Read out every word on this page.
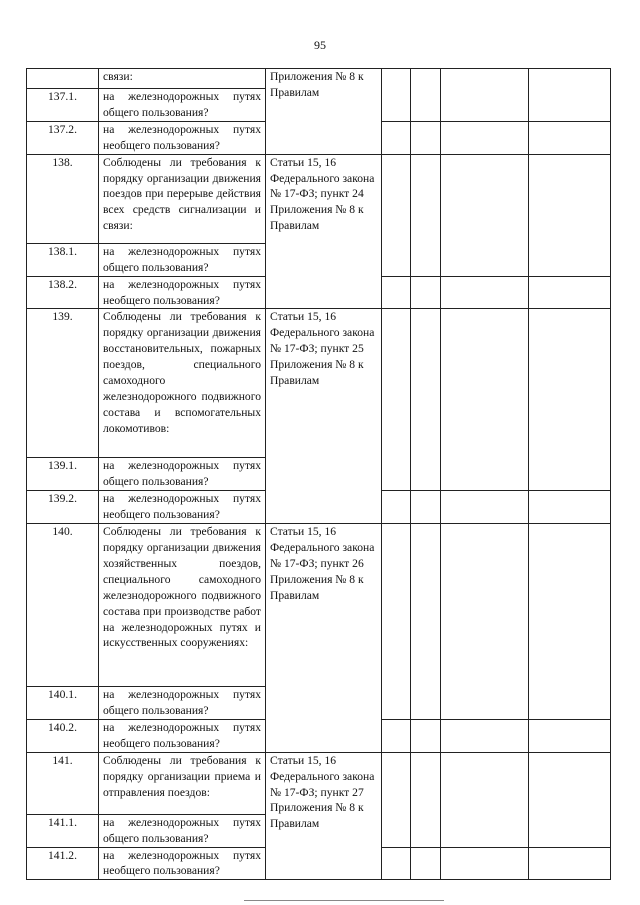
95
	связи:	Приложения № 8 к Правилам				
137.1.	на железнодорожных путях общего пользования?					
137.2.	на железнодорожных путях необщего пользования?					
138.	Соблюдены ли требования к порядку организации движения поездов при перерыве действия всех средств сигнализации и связи:	Статьи 15, 16 Федерального закона № 17-ФЗ; пункт 24 Приложения № 8 к Правилам				
138.1.	на железнодорожных путях общего пользования?					
138.2.	на железнодорожных путях необщего пользования?					
139.	Соблюдены ли требования к порядку организации движения восстановительных, пожарных поездов, специального самоходного железнодорожного подвижного состава и вспомогательных локомотивов:	Статьи 15, 16 Федерального закона № 17-ФЗ; пункт 25 Приложения № 8 к Правилам				
139.1.	на железнодорожных путях общего пользования?					
139.2.	на железнодорожных путях необщего пользования?					
140.	Соблюдены ли требования к порядку организации движения хозяйственных поездов, специального самоходного железнодорожного подвижного состава при производстве работ на железнодорожных путях и искусственных сооружениях:	Статьи 15, 16 Федерального закона № 17-ФЗ; пункт 26 Приложения № 8 к Правилам				
140.1.	на железнодорожных путях общего пользования?					
140.2.	на железнодорожных путях необщего пользования?					
141.	Соблюдены ли требования к порядку организации приема и отправления поездов:	Статьи 15, 16 Федерального закона № 17-ФЗ; пункт 27 Приложения № 8 к Правилам				
141.1.	на железнодорожных путях общего пользования?					
141.2.	на железнодорожных путях необщего пользования?					
